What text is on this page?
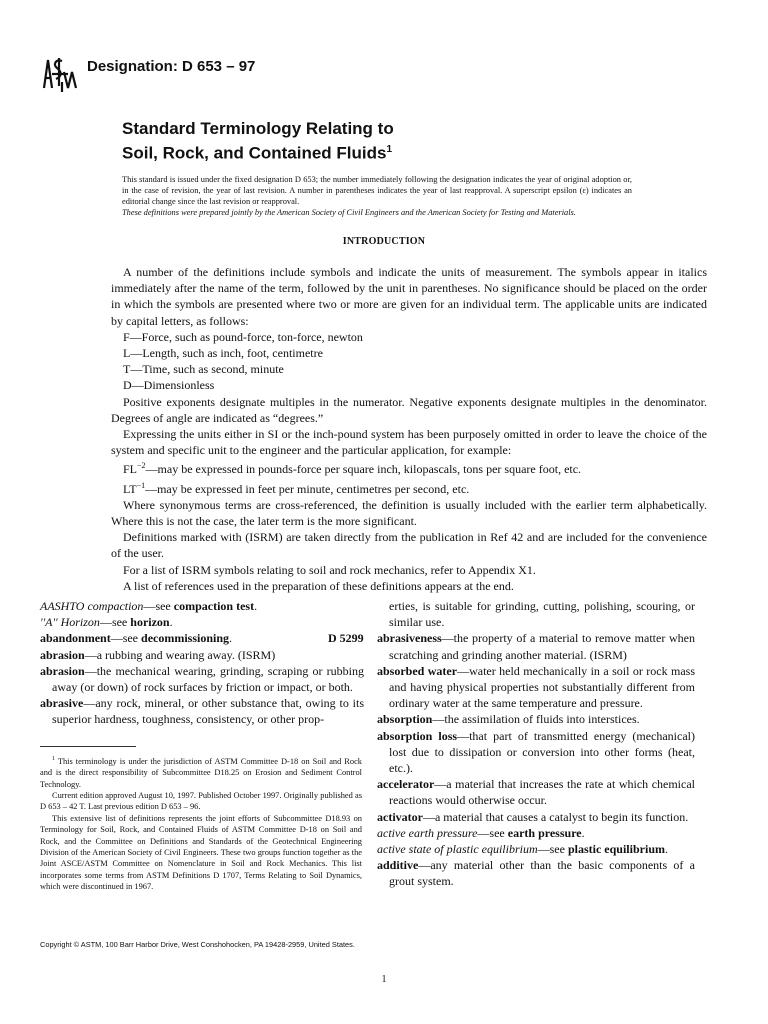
Designation: D 653 – 97
Standard Terminology Relating to
Soil, Rock, and Contained Fluids$^1$
This standard is issued under the fixed designation D 653; the number immediately following the designation indicates the year of original adoption or, in the case of revision, the year of last revision. A number in parentheses indicates the year of last reapproval. A superscript epsilon (ε) indicates an editorial change since the last revision or reapproval.
These definitions were prepared jointly by the American Society of Civil Engineers and the American Society for Testing and Materials.
INTRODUCTION

A number of the definitions include symbols and indicate the units of measurement. The symbols appear in italics immediately after the name of the term, followed by the unit in parentheses. No significance should be placed on the order in which the symbols are presented where two or more are given for an individual term. The applicable units are indicated by capital letters, as follows:

F—Force, such as pound-force, ton-force, newton

L—Length, such as inch, foot, centimetre

T—Time, such as second, minute

D—Dimensionless

Positive exponents designate multiples in the numerator. Negative exponents designate multiples in the denominator. Degrees of angle are indicated as “degrees.”

Expressing the units either in SI or the inch-pound system has been purposely omitted in order to leave the choice of the system and specific unit to the engineer and the particular application, for example:

$FL^{-2}—may$ be expressed in pounds-force per square inch, kilopascals, tons per square foot, etc.

$LT^{-1}—may$ be expressed in feet per minute, centimetres per second, etc.

Where synonymous terms are cross-referenced, the definition is usually included with the earlier term alphabetically. Where this is not the case, the later term is the more significant.

Definitions marked with (ISRM) are taken directly from the publication in Ref 42 and are included for the convenience of the user.

For a list of ISRM symbols relating to soil and rock mechanics, refer to Appendix X1.

A list of references used in the preparation of these definitions appears at the end.

AASHTO compaction—see compaction test.

''A'' Horizon—see horizon.

D 5299
abandonment—see decommissioning.

abrasion—a rubbing and wearing away. (ISRM)

abrasion—the mechanical wearing, grinding, scraping or rubbing away (or down) of rock surfaces by friction or impact, or both.

abrasive—any rock, mineral, or other substance that, owing to its superior hardness, toughness, consistency, or other prop-

$^1$ This terminology is under the jurisdiction of ASTM Committee D-18 on Soil and Rock and is the direct responsibility of Subcommittee D18.25 on Erosion and Sediment Control Technology.

Current edition approved August 10, 1997. Published October 1997. Originally published as D 653 – 42 T. Last previous edition D 653 – 96.

This extensive list of definitions represents the joint efforts of Subcommittee D18.93 on Terminology for Soil, Rock, and Contained Fluids of ASTM Committee D-18 on Soil and Rock, and the Committee on Definitions and Standards of the Geotechnical Engineering Division of the American Society of Civil Engineers. These two groups function together as the Joint ASCE/ASTM Committee on Nomenclature in Soil and Rock Mechanics. This list incorporates some terms from ASTM Definitions D 1707, Terms Relating to Soil Dynamics, which were discontinued in 1967.

erties, is suitable for grinding, cutting, polishing, scouring, or similar use.

abrasiveness—the property of a material to remove matter when scratching and grinding another material. (ISRM)

absorbed water—water held mechanically in a soil or rock mass and having physical properties not substantially different from ordinary water at the same temperature and pressure.

absorption—the assimilation of fluids into interstices.

absorption loss—that part of transmitted energy (mechanical) lost due to dissipation or conversion into other forms (heat, etc.).

accelerator—a material that increases the rate at which chemical reactions would otherwise occur.

activator—a material that causes a catalyst to begin its function.

active earth pressure—see earth pressure.

active state of plastic equilibrium—see plastic equilibrium.

additive—any material other than the basic components of a grout system.

Copyright © ASTM, 100 Barr Harbor Drive, West Conshohocken, PA 19428-2959, United States.
1
